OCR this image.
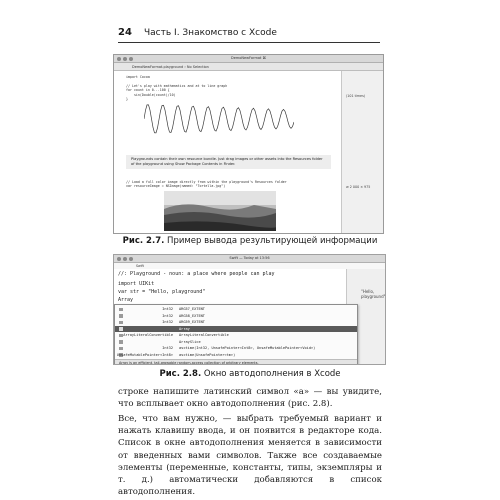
24 Часть I. Знакомство с Xcode
DemoNewFormat ⌘
DemoNewFormat.playground › No Selection
import Cocoa

// Let's play with mathematics and at to line graph
for count in 0...100 {
sin(Double(count)/10)
}
(101 times)
Playgrounds contain their own resource bundle. Just drag images or other assets into the Resources folder of the playground using Show Package Contents in Finder.
// Load a full color image directly from within the playground's Resources folder
var resourceImage = NSImage(named: "Tortella.jpg")	w 2 000 × 975
Рис. 2.7. Пример вывода результирующей информации
Swift — Today at 13:56
Swift
//: Playground - noun: a place where people can play
import UIKit
var str = "Hello, playground"
Array
"Hello, playground"
Int32 ARG57_EXTENT
Int32 ARG58_EXTENT
Int32 ARG59_EXTENT
Array
ArrayLiteralConvertible ArrayLiteralConvertible
ArraySlice
Int32 asctime(Int32, UnsafePointer<Int8>, UnsafeMutablePointer<Void>)
UnsafeMutablePointer<Int8> asctime(UnsafePointer<tm>)
Array is an efficient, tail-growable random-access collection of arbitrary elements.
Рис. 2.8. Окно автодополнения в Xcode

строке напишите латинский символ «а» — вы увидите, что всплывает окно автодополнения (рис. 2.8).

Все, что вам нужно, — выбрать требуемый вариант и нажать клавишу ввода, и он появится в редакторе кода. Список в окне автодополнения меняется в зависимости от введенных вами символов. Также все создаваемые элементы (переменные, константы, типы, экземпляры и т. д.) автоматически добавляются в список автодополнения.
